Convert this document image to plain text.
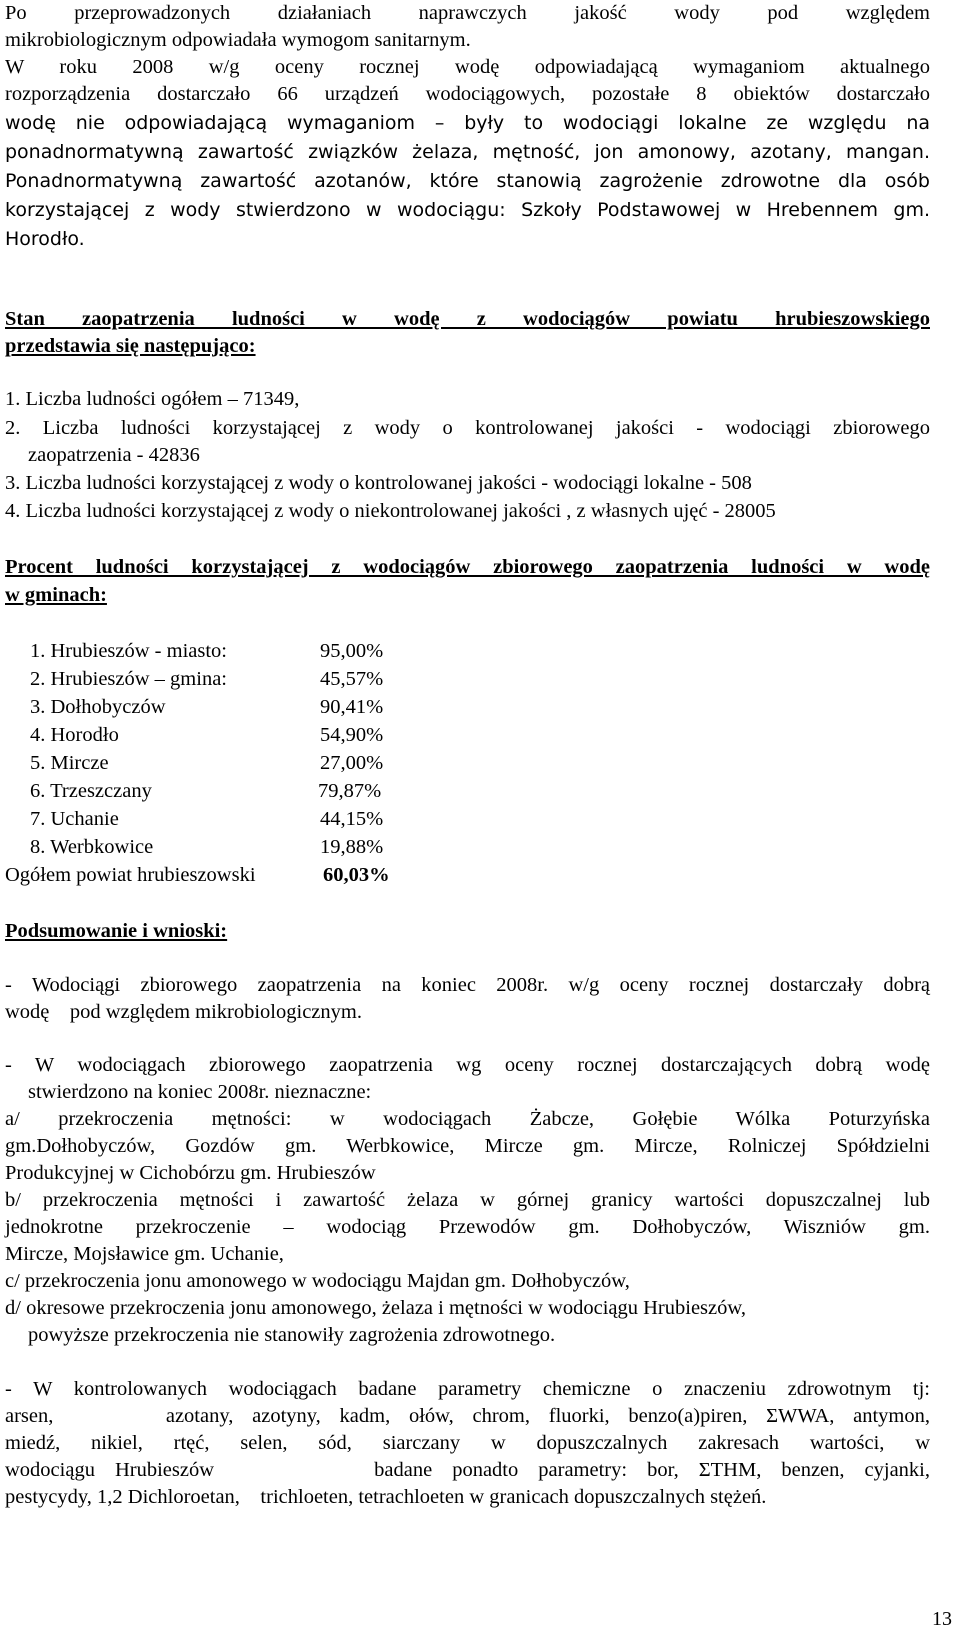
Po przeprowadzonych działaniach naprawczych jakość wody pod względem
mikrobiologicznym odpowiadała wymogom sanitarnym.
W roku 2008 w/g oceny rocznej wodę odpowiadającą wymaganiom aktualnego
rozporządzenia dostarczało 66 urządzeń wodociągowych, pozostałe 8 obiektów dostarczało
wodę nie odpowiadającą wymaganiom – były to wodociągi lokalne ze względu na
ponadnormatywną zawartość związków żelaza, mętność, jon amonowy, azotany, mangan.
Ponadnormatywną zawartość azotanów, które stanowią zagrożenie zdrowotne dla osób
korzystającej z wody stwierdzono w wodociągu: Szkoły Podstawowej w Hrebennem gm.
Horodło.
Stan zaopatrzenia ludności w wodę z wodociągów powiatu hrubieszowskiego
przedstawia się następująco:
1. Liczba ludności ogółem – 71349,
2. Liczba ludności korzystającej z wody o kontrolowanej jakości - wodociągi zbiorowego
zaopatrzenia - 42836
3. Liczba ludności korzystającej z wody o kontrolowanej jakości - wodociągi lokalne - 508
4. Liczba ludności korzystającej z wody o niekontrolowanej jakości , z własnych ujęć - 28005
Procent ludności korzystającej z wodociągów zbiorowego zaopatrzenia ludności w wodę
w gminach:
1. Hrubieszów - miasto:	95,00%
2. Hrubieszów – gmina:	45,57%
3. Dołhobyczów	90,41%
4. Horodło	54,90%
5. Mircze	27,00%
6. Trzeszczany	79,87%
7. Uchanie	44,15%
8. Werbkowice	19,88%
Ogółem powiat hrubieszowski	60,03%
Podsumowanie i wnioski:
- Wodociągi zbiorowego zaopatrzenia na koniec 2008r. w/g oceny rocznej dostarczały dobrą
wodę    pod względem mikrobiologicznym.
- W wodociągach zbiorowego zaopatrzenia wg oceny rocznej dostarczających dobrą wodę
stwierdzono na koniec 2008r. nieznaczne:
a/ przekroczenia mętności: w wodociągach Żabcze, Gołębie Wólka Poturzyńska
gm.Dołhobyczów, Gozdów gm. Werbkowice, Mircze gm. Mircze, Rolniczej Spółdzielni
Produkcyjnej w Cichobórzu gm. Hrubieszów
b/ przekroczenia mętności i zawartość żelaza w górnej granicy wartości dopuszczalnej lub
jednokrotne przekroczenie – wodociąg Przewodów gm. Dołhobyczów, Wiszniów gm.
Mircze, Mojsławice gm. Uchanie,
c/ przekroczenia jonu amonowego w wodociągu Majdan gm. Dołhobyczów,
d/ okresowe przekroczenia jonu amonowego, żelaza i mętności w wodociągu Hrubieszów,
powyższe przekroczenia nie stanowiły zagrożenia zdrowotnego.
- W kontrolowanych wodociągach badane parametry chemiczne o znaczeniu zdrowotnym tj:
arsen,      azotany, azotyny, kadm, ołów, chrom, fluorki, benzo(a)piren, ΣWWA, antymon,
miedź, nikiel, rtęć, selen, sód, siarczany w dopuszczalnych zakresach wartości, w
wodociągu Hrubieszów        badane ponadto parametry: bor, ΣTHM, benzen, cyjanki,
pestycydy, 1,2 Dichloroetan,    trichloeten, tetrachloeten w granicach dopuszczalnych stężeń.
13
